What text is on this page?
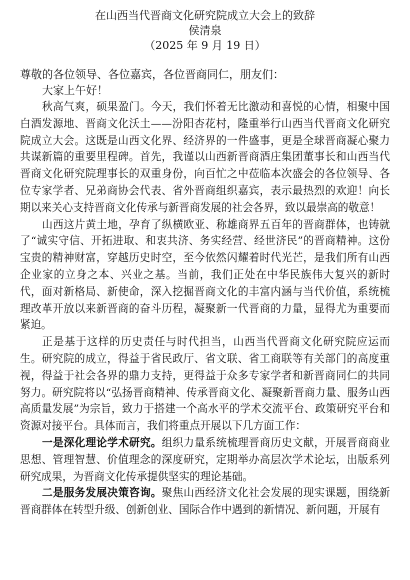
在山西当代晋商文化研究院成立大会上的致辞
侯清泉
（2025 年 9 月 19 日）
尊敬的各位领导、各位嘉宾，各位晋商同仁，朋友们：
大家上午好！

秋高气爽，硕果盈门。今天，我们怀着无比激动和喜悦的心情，相聚中国白酒发源地、晋商文化沃土——汾阳杏花村，隆重举行山西当代晋商文化研究院成立大会。这既是山西文化界、经济界的一件盛事，更是全球晋商凝心聚力共谋新篇的重要里程碑。首先，我谨以山西新晋商酒庄集团董事长和山西当代晋商文化研究院理事长的双重身份，向百忙之中莅临本次盛会的各位领导、各位专家学者、兄弟商协会代表、省外晋商组织嘉宾，表示最热烈的欢迎！向长期以来关心支持晋商文化传承与新晋商发展的社会各界，致以最崇高的敬意！

山西这片黄土地，孕育了纵横欧亚、称雄商界五百年的晋商群体，也铸就了“诚实守信、开拓进取、和衷共济、务实经营、经世济民”的晋商精神。这份宝贵的精神财富，穿越历史时空，至今依然闪耀着时代光芒，是我们所有山西企业家的立身之本、兴业之基。当前，我们正处在中华民族伟大复兴的新时代，面对新格局、新使命，深入挖掘晋商文化的丰富内涵与当代价值，系统梳理改革开放以来新晋商的奋斗历程，凝聚新一代晋商的力量，显得尤为重要而紧迫。

正是基于这样的历史责任与时代担当，山西当代晋商文化研究院应运而生。研究院的成立，得益于省民政厅、省文联、省工商联等有关部门的高度重视，得益于社会各界的鼎力支持，更得益于众多专家学者和新晋商同仁的共同努力。研究院将以“弘扬晋商精神、传承晋商文化、凝聚新晋商力量、服务山西高质量发展”为宗旨，致力于搭建一个高水平的学术交流平台、政策研究平台和资源对接平台。具体而言，我们将重点开展以下几方面工作：

一是深化理论学术研究。组织力量系统梳理晋商历史文献，开展晋商商业思想、管理智慧、价值理念的深度研究，定期举办高层次学术论坛，出版系列研究成果，为晋商文化传承提供坚实的理论基础。

二是服务发展决策咨询。聚焦山西经济文化社会发展的现实课题，围绕新晋商群体在转型升级、创新创业、国际合作中遇到的新情况、新问题，开展有
